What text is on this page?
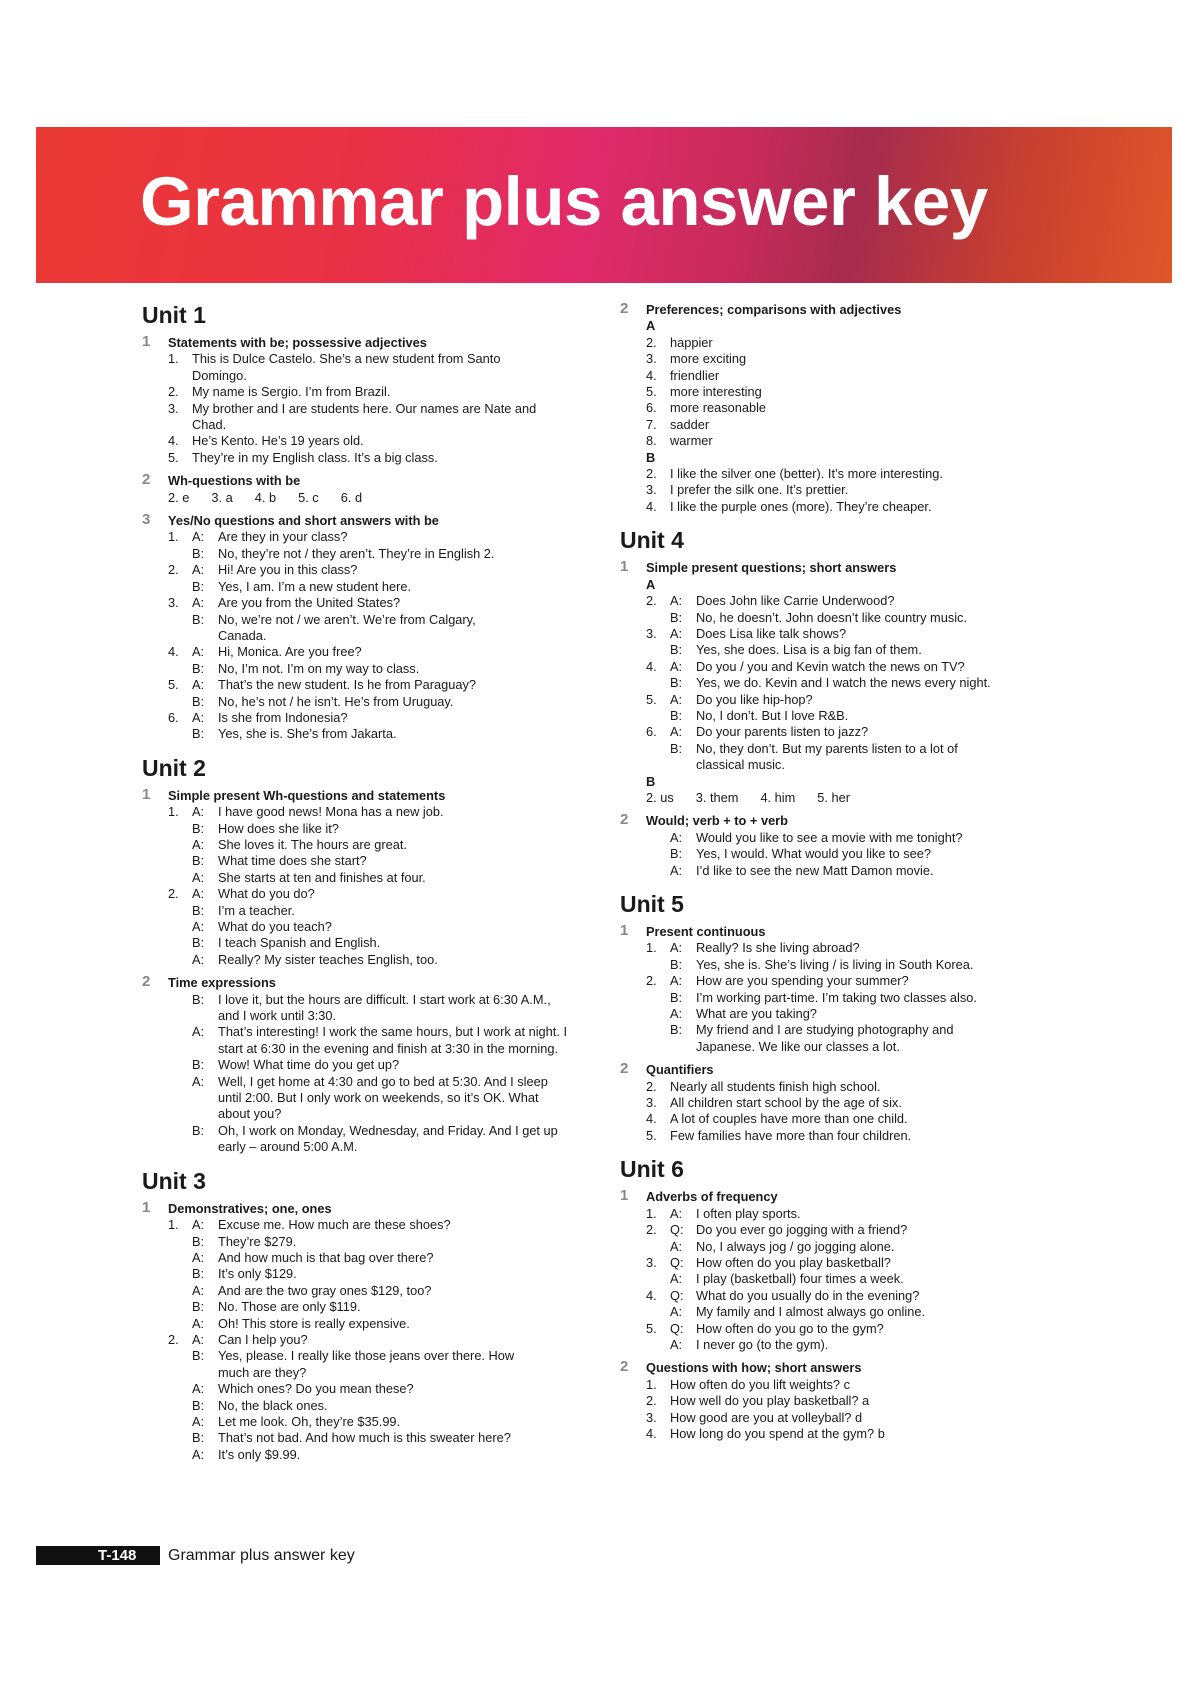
Grammar plus answer key
Unit 1
1 Statements with be; possessive adjectives
1. This is Dulce Castelo. She’s a new student from Santo
Domingo.
2. My name is Sergio. I’m from Brazil.
3. My brother and I are students here. Our names are Nate and
Chad.
4. He’s Kento. He’s 19 years old.
5. They’re in my English class. It’s a big class.
2 Wh-questions with be
2. e 3. a 4. b 5. c 6. d
3 Yes/No questions and short answers with be
1. A: Are they in your class?
B: No, they’re not / they aren’t. They’re in English 2.
2. A: Hi! Are you in this class?
B: Yes, I am. I’m a new student here.
3. A: Are you from the United States?
B: No, we’re not / we aren’t. We’re from Calgary,
Canada.
4. A: Hi, Monica. Are you free?
B: No, I’m not. I’m on my way to class.
5. A: That’s the new student. Is he from Paraguay?
B: No, he’s not / he isn’t. He’s from Uruguay.
6. A: Is she from Indonesia?
B: Yes, she is. She’s from Jakarta.
Unit 2
1 Simple present Wh-questions and statements
1. A: I have good news! Mona has a new job.
B: How does she like it?
A: She loves it. The hours are great.
B: What time does she start?
A: She starts at ten and finishes at four.
2. A: What do you do?
B: I’m a teacher.
A: What do you teach?
B: I teach Spanish and English.
A: Really? My sister teaches English, too.
2 Time expressions
B: I love it, but the hours are difficult. I start work at 6:30 A.M.,
and I work until 3:30.
A: That’s interesting! I work the same hours, but I work at night. I
start at 6:30 in the evening and finish at 3:30 in the morning.
B: Wow! What time do you get up?
A: Well, I get home at 4:30 and go to bed at 5:30. And I sleep
until 2:00. But I only work on weekends, so it’s OK. What
about you?
B: Oh, I work on Monday, Wednesday, and Friday. And I get up
early – around 5:00 A.M.
Unit 3
1 Demonstratives; one, ones
1. A: Excuse me. How much are these shoes?
B: They’re $279.
A: And how much is that bag over there?
B: It’s only $129.
A: And are the two gray ones $129, too?
B: No. Those are only $119.
A: Oh! This store is really expensive.
2. A: Can I help you?
B: Yes, please. I really like those jeans over there. How
much are they?
A: Which ones? Do you mean these?
B: No, the black ones.
A: Let me look. Oh, they’re $35.99.
B: That’s not bad. And how much is this sweater here?
A: It’s only $9.99.
2 Preferences; comparisons with adjectives
A
2. happier
3. more exciting
4. friendlier
5. more interesting
6. more reasonable
7. sadder
8. warmer
B
2. I like the silver one (better). It’s more interesting.
3. I prefer the silk one. It’s prettier.
4. I like the purple ones (more). They’re cheaper.
Unit 4
1 Simple present questions; short answers
A
2. A: Does John like Carrie Underwood?
B: No, he doesn’t. John doesn’t like country music.
3. A: Does Lisa like talk shows?
B: Yes, she does. Lisa is a big fan of them.
4. A: Do you / you and Kevin watch the news on TV?
B: Yes, we do. Kevin and I watch the news every night.
5. A: Do you like hip-hop?
B: No, I don’t. But I love R&B.
6. A: Do your parents listen to jazz?
B: No, they don’t. But my parents listen to a lot of
classical music.
B
2. us 3. them 4. him 5. her
2 Would; verb + to + verb
A: Would you like to see a movie with me tonight?
B: Yes, I would. What would you like to see?
A: I’d like to see the new Matt Damon movie.
Unit 5
1 Present continuous
1. A: Really? Is she living abroad?
B: Yes, she is. She’s living / is living in South Korea.
2. A: How are you spending your summer?
B: I’m working part-time. I’m taking two classes also.
A: What are you taking?
B: My friend and I are studying photography and
Japanese. We like our classes a lot.
2 Quantifiers
2. Nearly all students finish high school.
3. All children start school by the age of six.
4. A lot of couples have more than one child.
5. Few families have more than four children.
Unit 6
1 Adverbs of frequency
1. A: I often play sports.
2. Q: Do you ever go jogging with a friend?
A: No, I always jog / go jogging alone.
3. Q: How often do you play basketball?
A: I play (basketball) four times a week.
4. Q: What do you usually do in the evening?
A: My family and I almost always go online.
5. Q: How often do you go to the gym?
A: I never go (to the gym).
2 Questions with how; short answers
1. How often do you lift weights? c
2. How well do you play basketball? a
3. How good are you at volleyball? d
4. How long do you spend at the gym? b
T-148 Grammar plus answer key
